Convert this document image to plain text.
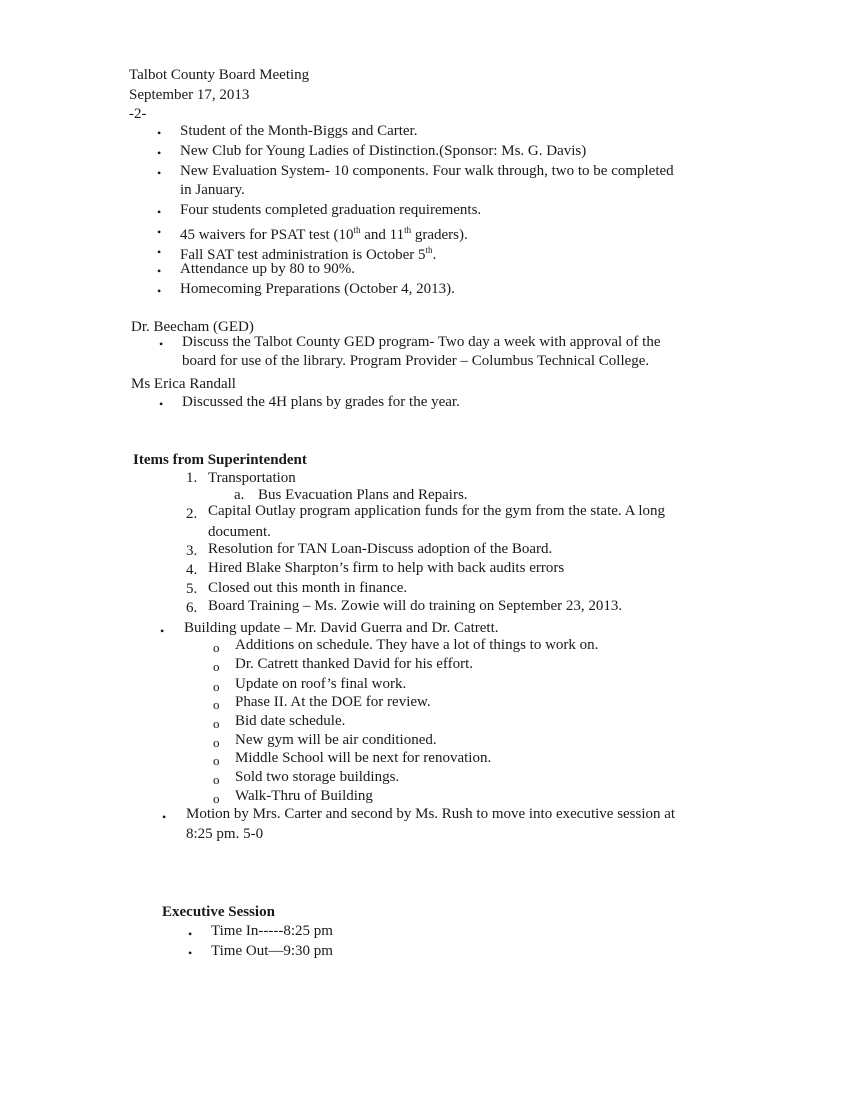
Talbot County Board Meeting
September 17, 2013
-2-
• Student of the Month-Biggs and Carter.
• New Club for Young Ladies of Distinction.(Sponsor: Ms. G. Davis)
• New Evaluation System- 10 components. Four walk through, two to be completed
in January.
• Four students completed graduation requirements.
• 45 waivers for PSAT test (10th and 11th graders).
• Fall SAT test administration is October 5th.
• Attendance up by 80 to 90%.
• Homecoming Preparations (October 4, 2013).
Dr. Beecham (GED)
• Discuss the Talbot County GED program- Two day a week with approval of the
board for use of the library. Program Provider – Columbus Technical College.
Ms Erica Randall
• Discussed the 4H plans by grades for the year.
Items from Superintendent
1. Transportation
a. Bus Evacuation Plans and Repairs.
2. Capital Outlay program application funds for the gym from the state. A long
document.
3. Resolution for TAN Loan-Discuss adoption of the Board.
4. Hired Blake Sharpton’s firm to help with back audits errors
5. Closed out this month in finance.
6. Board Training – Ms. Zowie will do training on September 23, 2013.
• Building update – Mr. David Guerra and Dr. Catrett.
o Additions on schedule. They have a lot of things to work on.
o Dr. Catrett thanked David for his effort.
o Update on roof’s final work.
o Phase II. At the DOE for review.
o Bid date schedule.
o New gym will be air conditioned.
o Middle School will be next for renovation.
o Sold two storage buildings.
o Walk-Thru of Building
• Motion by Mrs. Carter and second by Ms. Rush to move into executive session at
8:25 pm. 5-0
Executive Session
• Time In-----8:25 pm
• Time Out—9:30 pm
